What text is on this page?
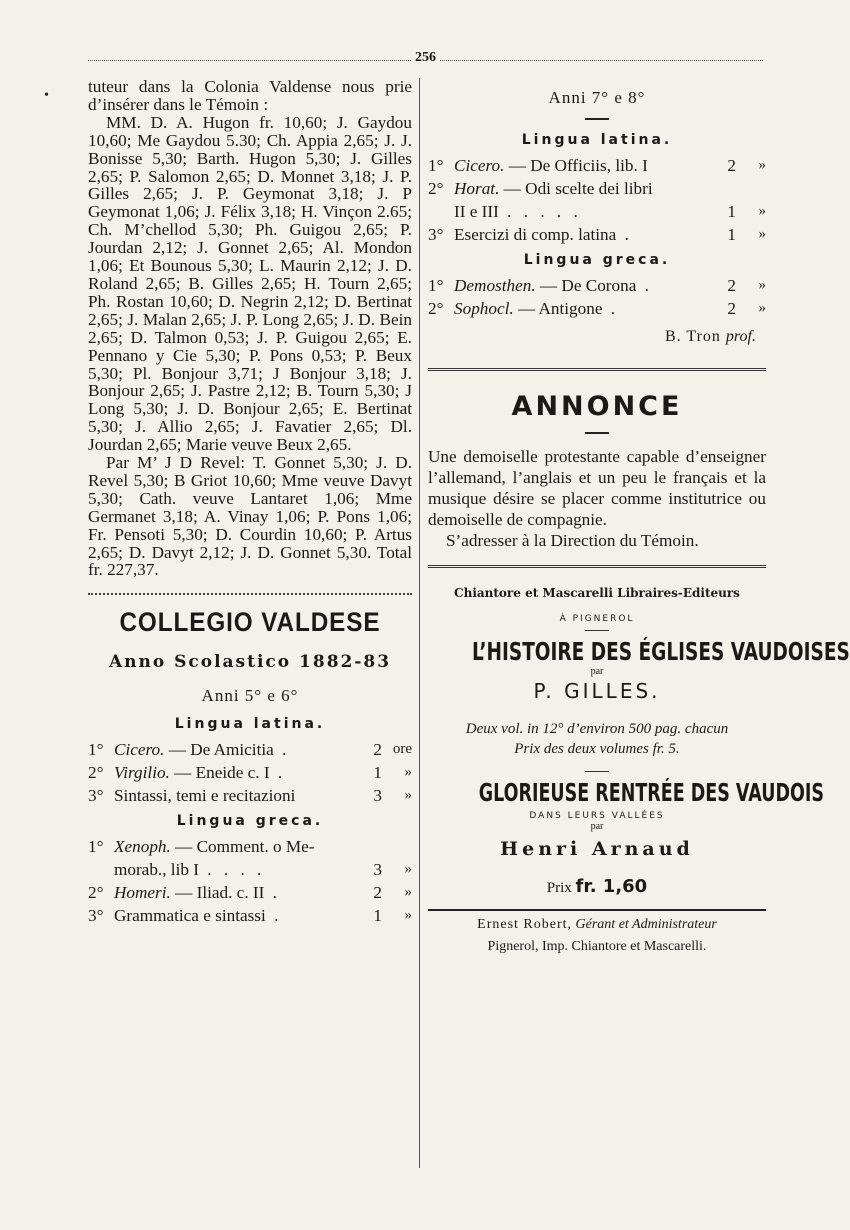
256
• tuteur dans la Colonia Valdense nous prie d’insérer dans le Témoin :

MM. D. A. Hugon fr. 10,60; J. Gaydou 10,60; Me Gaydou 5.30; Ch. Appia 2,65; J. J. Bonisse 5,30; Barth. Hugon 5,30; J. Gilles 2,65; P. Salomon 2,65; D. Monnet 3,18; J. P. Gilles 2,65; J. P. Geymonat 3,18; J. P Geymonat 1,06; J. Félix 3,18; H. Vinçon 2.65; Ch. M’chellod 5,30; Ph. Guigou 2,65; P. Jourdan 2,12; J. Gonnet 2,65; Al. Mondon 1,06; Et Bounous 5,30; L. Maurin 2,12; J. D. Roland 2,65; B. Gilles 2,65; H. Tourn 2,65; Ph. Rostan 10,60; D. Negrin 2,12; D. Bertinat 2,65; J. Malan 2,65; J. P. Long 2,65; J. D. Bein 2,65; D. Talmon 0,53; J. P. Guigou 2,65; E. Pennano y Cie 5,30; P. Pons 0,53; P. Beux 5,30; Pl. Bonjour 3,71; J Bonjour 3,18; J. Bonjour 2,65; J. Pastre 2,12; B. Tourn 5,30; J Long 5,30; J. D. Bonjour 2,65; E. Bertinat 5,30; J. Allio 2,65; J. Favatier 2,65; Dl. Jourdan 2,65; Marie veuve Beux 2,65.

Par M’ J D Revel: T. Gonnet 5,30; J. D. Revel 5,30; B Griot 10,60; Mme veuve Davyt 5,30; Cath. veuve Lantaret 1,06; Mme Germanet 3,18; A. Vinay 1,06; P. Pons 1,06; Fr. Pensoti 5,30; D. Courdin 10,60; P. Artus 2,65; D. Davyt 2,12; J. D. Gonnet 5,30. Total fr. 227,37.

COLLEGIO VALDESE
Anno Scolastico 1882-83
Anni 5° e 6°
Lingua latina.
1° Cicero. — De Amicitia .	2 ore
2° Virgilio. — Eneide c. I .	1	»
3° Sintassi, temi e recitazioni	3	»
Lingua greca.
1° Xenoph. — Comment. o Me-
morab., lib I . . . .	3	»
2° Homeri. — Iliad. c. II .	2	»
3° Grammatica e sintassi .	1	»
Anni 7° e 8°
Lingua latina.
1° Cicero. — De Officiis, lib. I	2	»
2° Horat. — Odi scelte dei libri
II e III . . . . .	1	»
3° Esercizi di comp. latina .	1	»
Lingua greca.
1° Demosthen. — De Corona .	2	»
2° Sophocl. — Antigone .	2	»
B. Tron prof.
ANNONCE

Une demoiselle protestante capable d’enseigner l’allemand, l’anglais et un peu le français et la musique désire se placer comme institutrice ou demoiselle de compagnie.

S’adresser à la Direction du Témoin.

Chiantore et Mascarelli Libraires-Editeurs
À PIGNEROL
L’HISTOIRE DES ÉGLISES VAUDOISES
par
P. GILLES.
Deux vol. in 12° d’environ 500 pag. chacun
Prix des deux volumes fr. 5.
GLORIEUSE RENTRÉE DES VAUDOIS
DANS LEURS VALLÉES
par
Henri Arnaud
Prix fr. 1,60

Ernest Robert, Gérant et Administrateur

Pignerol, Imp. Chiantore et Mascarelli.
